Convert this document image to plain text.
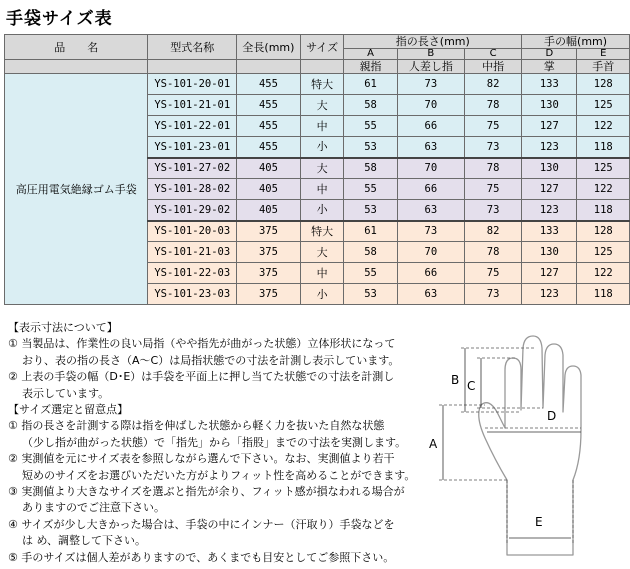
手袋サイズ表
品　　名	型式名称	全長(mm)	サイズ	指の長さ(mm)			手の幅(mm)	
				A	B	C	D	E
				親指	人差し指	中指	掌	手首
高圧用電気絶縁ゴム手袋	YS-101-20-01	455	特大	61	73	82	133	128
	YS-101-21-01	455	大	58	70	78	130	125
	YS-101-22-01	455	中	55	66	75	127	122
	YS-101-23-01	455	小	53	63	73	123	118
	YS-101-27-02	405	大	58	70	78	130	125
	YS-101-28-02	405	中	55	66	75	127	122
	YS-101-29-02	405	小	53	63	73	123	118
	YS-101-20-03	375	特大	61	73	82	133	128
	YS-101-21-03	375	大	58	70	78	130	125
	YS-101-22-03	375	中	55	66	75	127	122
	YS-101-23-03	375	小	53	63	73	123	118

【表示寸法について】

① 当製品は、作業性の良い局指（やや指先が曲がった状態）立体形状になって

おり、表の指の長さ（A～C）は局指状態での寸法を計測し表示しています。

② 上表の手袋の幅（D･E）は手袋を平面上に押し当てた状態での寸法を計測し

表示しています。

【サイズ選定と留意点】

① 指の長さを計測する際は指を伸ばした状態から軽く力を抜いた自然な状態

（少し指が曲がった状態）で「指先」から「指股」までの寸法を実測します。

② 実測値を元にサイズ表を参照しながら選んで下さい。なお、実測値より若干

短めのサイズをお選びいただいた方がよりフィット性を高めることができます。

③ 実測値より大きなサイズを選ぶと指先が余り、フィット感が損なわれる場合が

ありますのでご注意下さい。

④ サイズが少し大きかった場合は、手袋の中にインナー（汗取り）手袋などを

は め、調整して下さい。

⑤ 手のサイズは個人差がありますので、あくまでも目安としてご参照下さい。

B C
A
D
E
